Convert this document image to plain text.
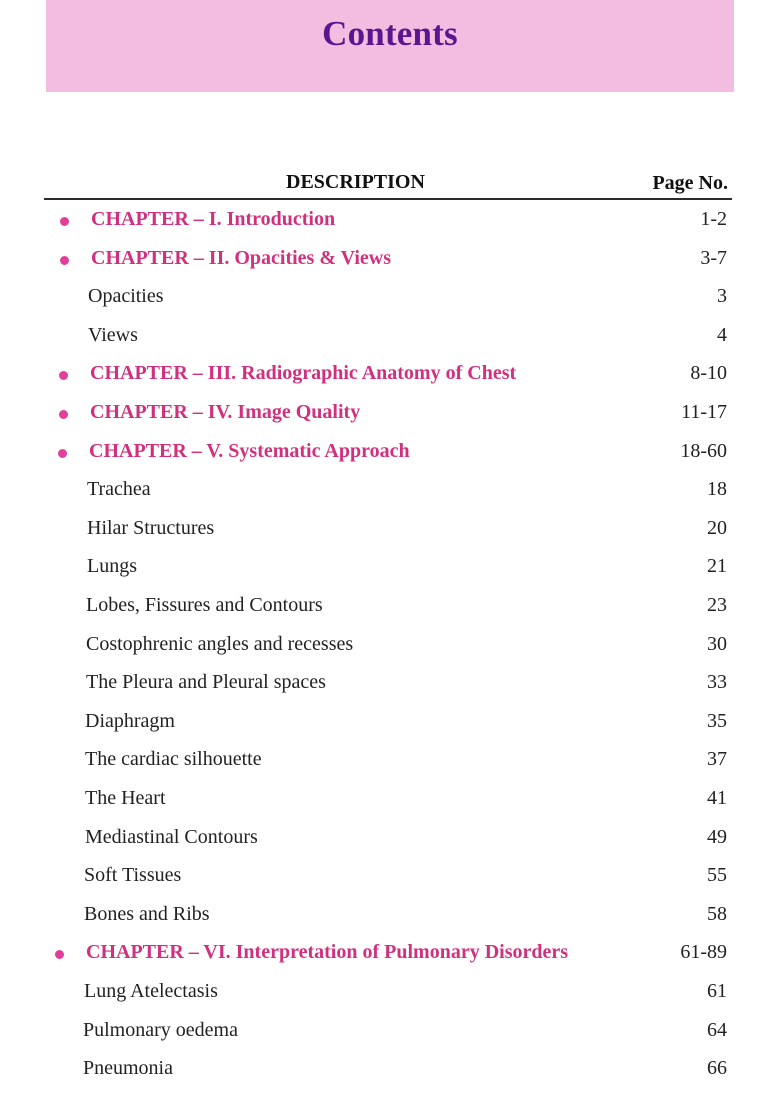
Contents
DESCRIPTION	Page No.
CHAPTER – I. Introduction	1-2
CHAPTER – II. Opacities & Views	3-7
Opacities	3
Views	4
CHAPTER – III. Radiographic Anatomy of Chest	8-10
CHAPTER – IV. Image Quality	11-17
CHAPTER – V. Systematic Approach	18-60
Trachea	18
Hilar Structures	20
Lungs	21
Lobes, Fissures and Contours	23
Costophrenic angles and recesses	30
The Pleura and Pleural spaces	33
Diaphragm	35
The cardiac silhouette	37
The Heart	41
Mediastinal Contours	49
Soft Tissues	55
Bones and Ribs	58
CHAPTER – VI. Interpretation of Pulmonary Disorders	61-89
Lung Atelectasis	61
Pulmonary oedema	64
Pneumonia	66
